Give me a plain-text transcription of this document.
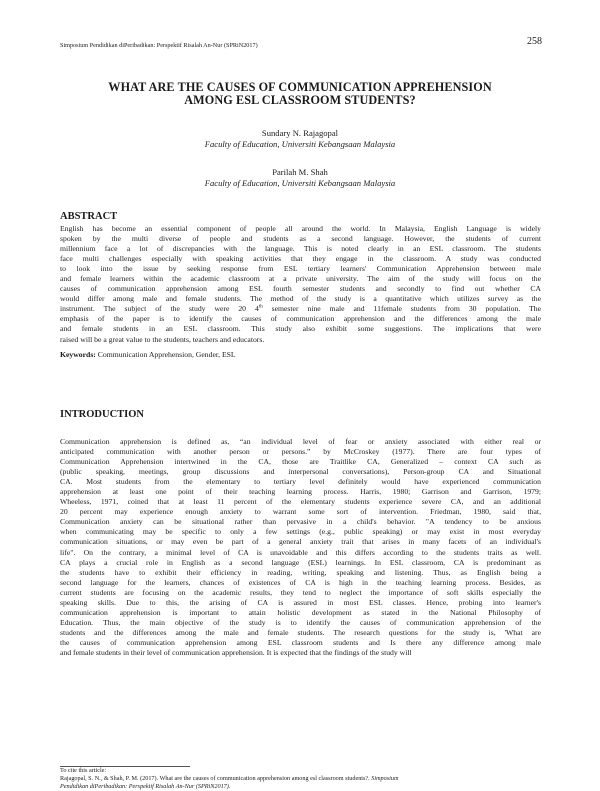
Simposium Pendidikan diPeribadikan: Perspektif Risalah An-Nur (SPRiN2017)	258
WHAT ARE THE CAUSES OF COMMUNICATION APPREHENSION
AMONG ESL CLASSROOM STUDENTS?
Sundary N. Rajagopal
Faculty of Education, Universiti Kebangsaan Malaysia
Parilah M. Shah
Faculty of Education, Universiti Kebangsaan Malaysia
ABSTRACT
English has become an essential component of people all around the world. In Malaysia, English Language is widely
spoken by the multi diverse of people and students as a second language. However, the students of current
millennium face a lot of discrepancies with the language. This is noted clearly in an ESL classroom. The students
face multi challenges especially with speaking activities that they engage in the classroom. A study was conducted
to look into the issue by seeking response from ESL tertiary learners' Communication Apprehension between male
and female learners within the academic classroom at a private university. The aim of the study will focus on the
causes of communication apprehension among ESL fourth semester students and secondly to find out whether CA
would differ among male and female students. The method of the study is a quantitative which utilizes survey as the
instrument. The subject of the study were 20 4th semester nine male and 11female students from 30 population. The
emphasis of the paper is to identify the causes of communication apprehension and the differences among the male
and female students in an ESL classroom. This study also exhibit some suggestions. The implications that were
raised will be a great value to the students, teachers and educators.
Keywords: Communication Apprehension, Gender, ESL
INTRODUCTION
Communication apprehension is defined as, “an individual level of fear or anxiety associated with either real or
anticipated communication with another person or persons.” by McCroskey (1977). There are four types of
Communication Apprehension intertwined in the CA, those are Traitlike CA, Generalized – context CA such as
(public speaking, meetings, group discussions and interpersonal conversations), Person-group CA and Situational
CA. Most students from the elementary to tertiary level definitely would have experienced communication
apprehension at least one point of their teaching learning process. Harris, 1980; Garrison and Garrison, 1979;
Wheeless, 1971, coined that at least 11 percent of the elementary students experience severe CA, and an additional
20 percent may experience enough anxiety to warrant some sort of intervention. Friedman, 1980, said that,
Communication anxiety can be situational rather than pervasive in a child's behavior. "A tendency to be anxious
when communicating may be specific to only a few settings (e.g., public speaking) or may exist in most everyday
communication situations, or may even be part of a general anxiety trait that arises in many facets of an individual's
life". On the contrary, a minimal level of CA is unavoidable and this differs according to the students traits as well.
CA plays a crucial role in English as a second language (ESL) learnings. In ESL classroom, CA is predominant as
the students have to exhibit their efficiency in reading, writing, speaking and listening. Thus, as English being a
second language for the learners, chances of existences of CA is high in the teaching learning process. Besides, as
current students are focusing on the academic results, they tend to neglect the importance of soft skills especially the
speaking skills. Due to this, the arising of CA is assured in most ESL classes. Hence, probing into learner's
communication apprehension is important to attain holistic development as stated in the National Philosophy of
Education. Thus, the main objective of the study is to identify the causes of communication apprehension of the
students and the differences among the male and female students. The research questions for the study is, 'What are
the causes of communication apprehension among ESL classroom students and Is there any difference among male
and female students in their level of communication apprehension. It is expected that the findings of the study will
To cite this article:
Rajagopal, S. N., & Shah, P. M. (2017). What are the causes of communication apprehension among esl classroom students?. Simposium
Pendidikan diPeribadikan: Perspektif Risalah An-Nur (SPRiN2017).
